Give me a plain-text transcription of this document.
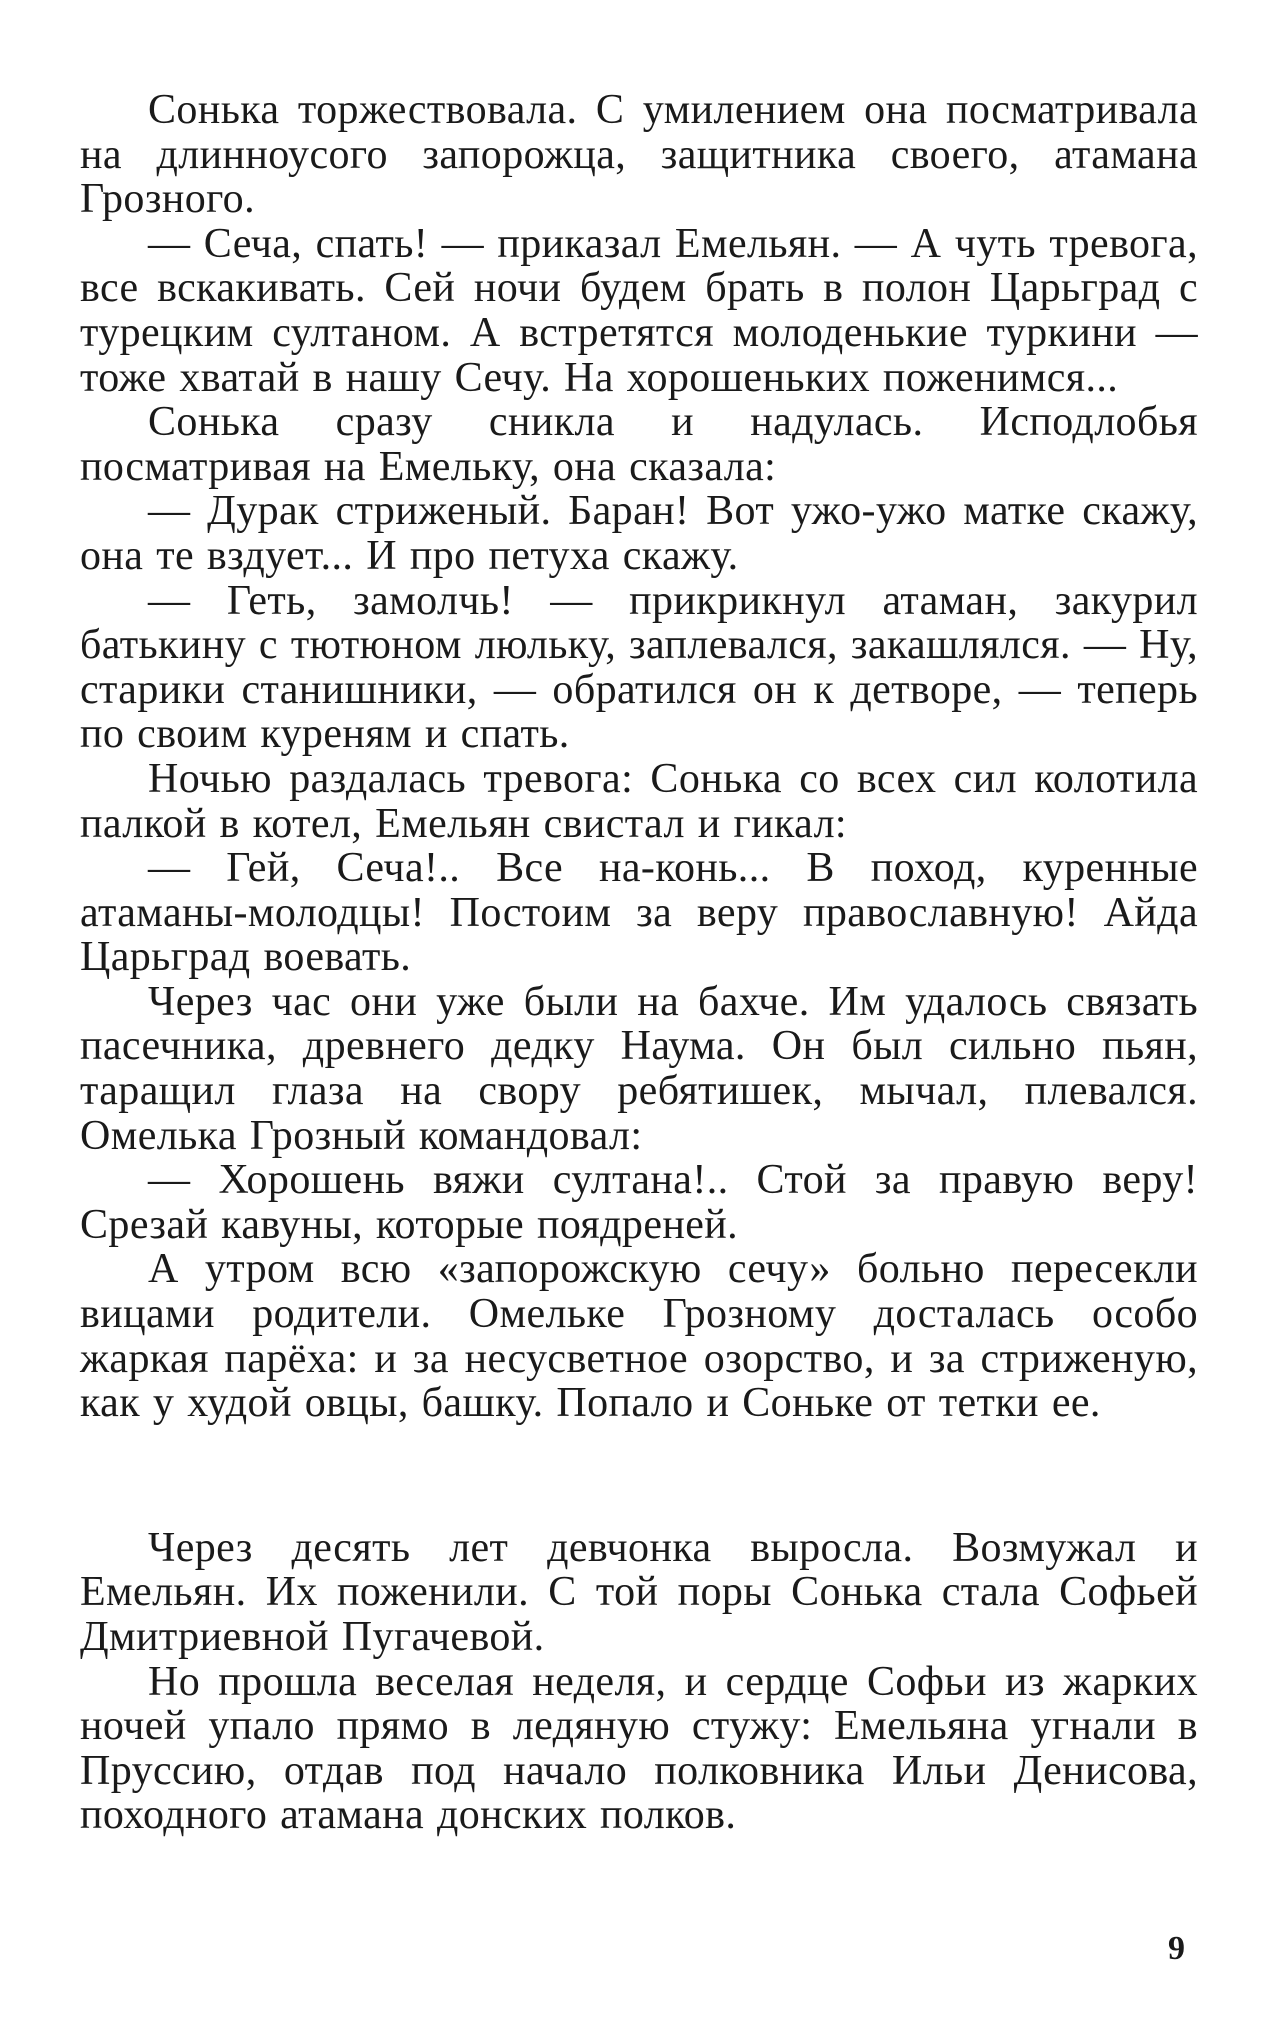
Сонька торжествовала. С умилением она посматривала на длинноусого запорожца, защитника своего, атамана Грозного.

— Сеча, спать! — приказал Емельян. — А чуть тревога, все вскакивать. Сей ночи будем брать в полон Царьград с турецким султаном. А встретятся молоденькие туркини — тоже хватай в нашу Сечу. На хорошеньких поженимся...

Сонька сразу сникла и надулась. Исподлобья посматривая на Емельку, она сказала:

— Дурак стриженый. Баран! Вот ужо-ужо матке скажу, она те вздует... И про петуха скажу.

— Геть, замолчь! — прикрикнул атаман, закурил батькину с тютюном люльку, заплевался, закашлялся. — Ну, старики станишники, — обратился он к детворе, — теперь по своим куреням и спать.

Ночью раздалась тревога: Сонька со всех сил колотила палкой в котел, Емельян свистал и гикал:

— Гей, Сеча!.. Все на-конь... В поход, куренные атаманы-молодцы! Постоим за веру православную! Айда Царьград воевать.

Через час они уже были на бахче. Им удалось связать пасечника, древнего дедку Наума. Он был сильно пьян, таращил глаза на свору ребятишек, мычал, плевался. Омелька Грозный командовал:

— Хорошень вяжи султана!.. Стой за правую веру! Срезай кавуны, которые поядреней.

А утром всю «запорожскую сечу» больно пересекли вицами родители. Омельке Грозному досталась особо жаркая парёха: и за несусветное озорство, и за стриженую, как у худой овцы, башку. Попало и Соньке от тетки ее.

Через десять лет девчонка выросла. Возмужал и Емельян. Их поженили. С той поры Сонька стала Софьей Дмитриевной Пугачевой.

Но прошла веселая неделя, и сердце Софьи из жарких ночей упало прямо в ледяную стужу: Емельяна угнали в Пруссию, отдав под начало полковника Ильи Денисова, походного атамана донских полков.

9
